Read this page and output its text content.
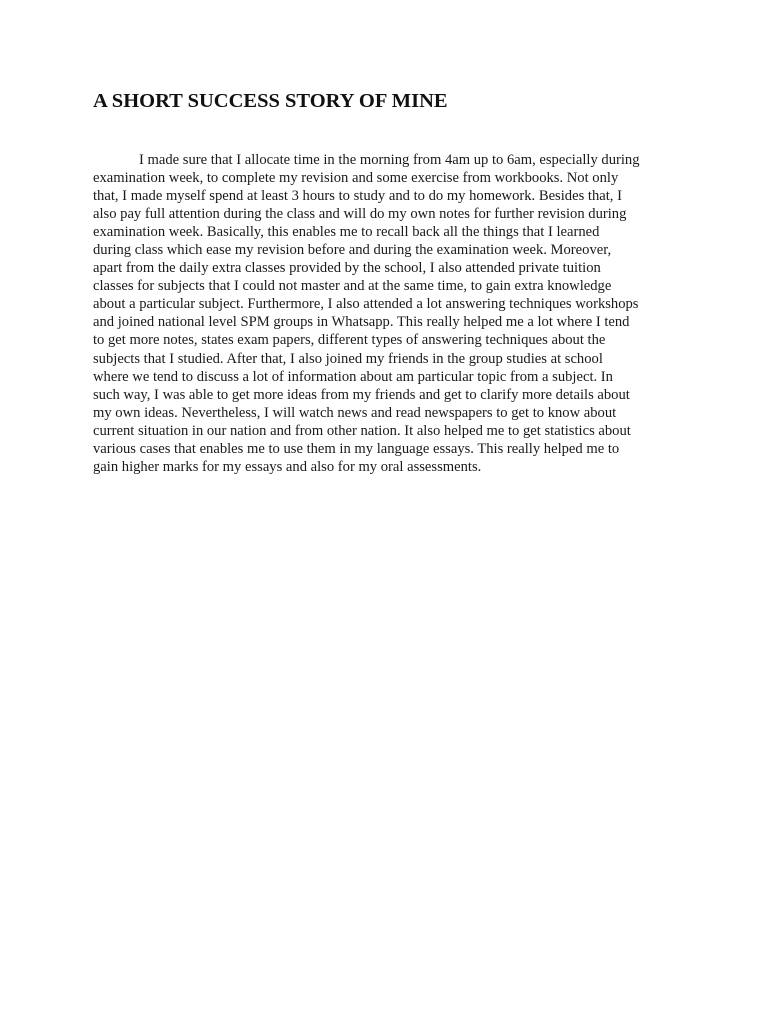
A SHORT SUCCESS STORY OF MINE

I made sure that I allocate time in the morning from 4am up to 6am, especially during
examination week, to complete my revision and some exercise from workbooks. Not only
that, I made myself spend at least 3 hours to study and to do my homework. Besides that, I
also pay full attention during the class and will do my own notes for further revision during
examination week. Basically, this enables me to recall back all the things that I learned
during class which ease my revision before and during the examination week. Moreover,
apart from the daily extra classes provided by the school, I also attended private tuition
classes for subjects that I could not master and at the same time, to gain extra knowledge
about a particular subject. Furthermore, I also attended a lot answering techniques workshops
and joined national level SPM groups in Whatsapp. This really helped me a lot where I tend
to get more notes, states exam papers, different types of answering techniques about the
subjects that I studied. After that, I also joined my friends in the group studies at school
where we tend to discuss a lot of information about am particular topic from a subject. In
such way, I was able to get more ideas from my friends and get to clarify more details about
my own ideas. Nevertheless, I will watch news and read newspapers to get to know about
current situation in our nation and from other nation. It also helped me to get statistics about
various cases that enables me to use them in my language essays. This really helped me to
gain higher marks for my essays and also for my oral assessments.
